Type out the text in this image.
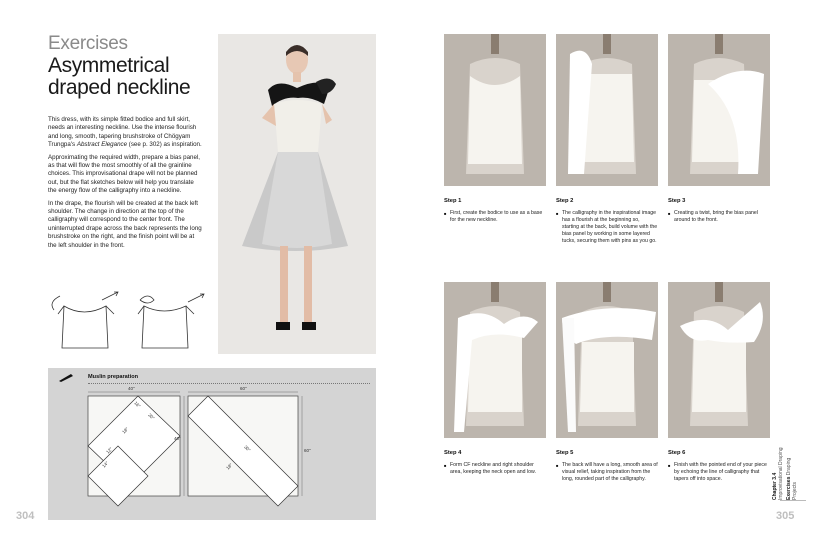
Exercises
Asymmetrical
draped neckline

This dress, with its simple fitted bodice and full skirt, needs an interesting neckline. Use the intense flourish and long, smooth, tapering brushstroke of Chögyam Trungpa's Abstract Elegance (see p. 302) as inspiration.

Approximating the required width, prepare a bias panel, as that will flow the most smoothly of all the grainline choices. This improvisational drape will not be planned out, but the flat sketches below will help you translate the energy flow of the calligraphy into a neckline.

In the drape, the flourish will be created at the back left shoulder. The change in direction at the top of the calligraphy will correspond to the center front. The uninterrupted drape across the back represents the long brushstroke on the right, and the finish point will be at the left shoulder in the front.

Muslin preparation
40"
40"
20"
18"
12"
16"
14"
60"
60"
30"
18"
304
Step 1
■ First, create the bodice to use as a base for the new neckline.
Step 2
■ The calligraphy in the inspirational image has a flourish at the beginning so, starting at the back, build volume with the bias panel by working in some layered tucks, securing them with pins as you go.
Step 3
■ Creating a twist, bring the bias panel around to the front.
Step 4
■ Form CF neckline and right shoulder area, keeping the neck open and low.
Step 5
■ The back will have a long, smooth area of visual relief, taking inspiration from the long, rounded part of the calligraphy.
Step 6
■ Finish with the pointed end of your piece by echoing the line of calligraphy that tapers off into space.	Chapter 3.4 Improvisational Draping Exercises Draping Projects
305
